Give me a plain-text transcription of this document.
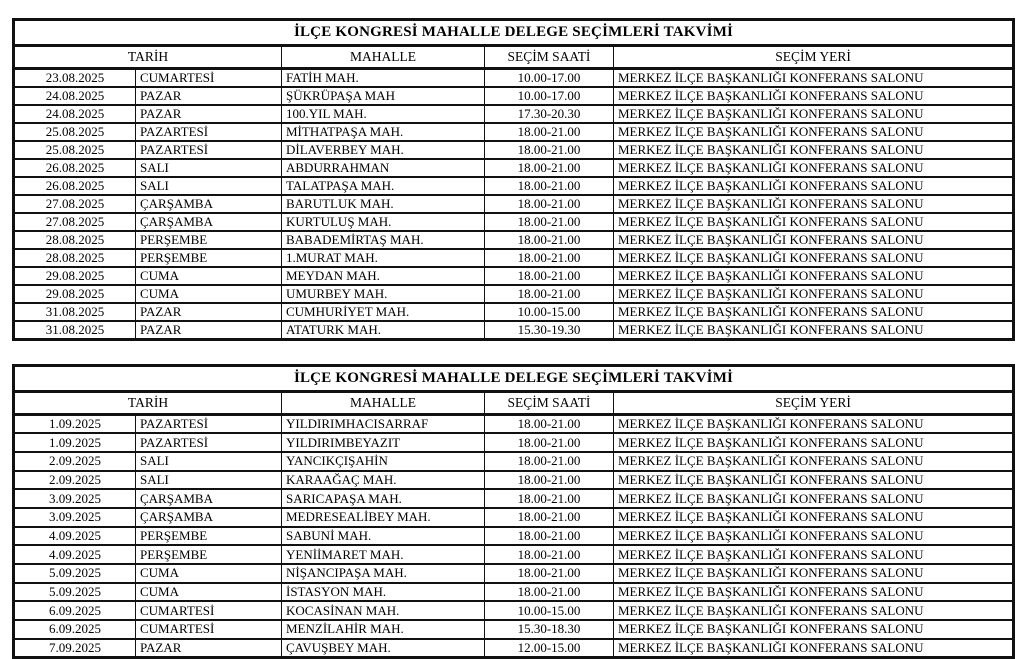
İLÇE KONGRESİ MAHALLE DELEGE SEÇİMLERİ TAKVİMİ				
TARİH		MAHALLE	SEÇİM SAATİ	SEÇİM YERİ
23.08.2025	CUMARTESİ	FATİH MAH.	10.00-17.00	MERKEZ İLÇE BAŞKANLIĞI KONFERANS SALONU
24.08.2025	PAZAR	ŞÜKRÜPAŞA MAH	10.00-17.00	MERKEZ İLÇE BAŞKANLIĞI KONFERANS SALONU
24.08.2025	PAZAR	100.YIL MAH.	17.30-20.30	MERKEZ İLÇE BAŞKANLIĞI KONFERANS SALONU
25.08.2025	PAZARTESİ	MİTHATPAŞA MAH.	18.00-21.00	MERKEZ İLÇE BAŞKANLIĞI KONFERANS SALONU
25.08.2025	PAZARTESİ	DİLAVERBEY MAH.	18.00-21.00	MERKEZ İLÇE BAŞKANLIĞI KONFERANS SALONU
26.08.2025	SALI	ABDURRAHMAN	18.00-21.00	MERKEZ İLÇE BAŞKANLIĞI KONFERANS SALONU
26.08.2025	SALI	TALATPAŞA MAH.	18.00-21.00	MERKEZ İLÇE BAŞKANLIĞI KONFERANS SALONU
27.08.2025	ÇARŞAMBA	BARUTLUK MAH.	18.00-21.00	MERKEZ İLÇE BAŞKANLIĞI KONFERANS SALONU
27.08.2025	ÇARŞAMBA	KURTULUŞ MAH.	18.00-21.00	MERKEZ İLÇE BAŞKANLIĞI KONFERANS SALONU
28.08.2025	PERŞEMBE	BABADEMİRTAŞ MAH.	18.00-21.00	MERKEZ İLÇE BAŞKANLIĞI KONFERANS SALONU
28.08.2025	PERŞEMBE	1.MURAT MAH.	18.00-21.00	MERKEZ İLÇE BAŞKANLIĞI KONFERANS SALONU
29.08.2025	CUMA	MEYDAN MAH.	18.00-21.00	MERKEZ İLÇE BAŞKANLIĞI KONFERANS SALONU
29.08.2025	CUMA	UMURBEY MAH.	18.00-21.00	MERKEZ İLÇE BAŞKANLIĞI KONFERANS SALONU
31.08.2025	PAZAR	CUMHURİYET MAH.	10.00-15.00	MERKEZ İLÇE BAŞKANLIĞI KONFERANS SALONU
31.08.2025	PAZAR	ATATURK MAH.	15.30-19.30	MERKEZ İLÇE BAŞKANLIĞI KONFERANS SALONU
İLÇE KONGRESİ MAHALLE DELEGE SEÇİMLERİ TAKVİMİ				
TARİH		MAHALLE	SEÇİM SAATİ	SEÇİM YERİ
1.09.2025	PAZARTESİ	YILDIRIMHACISARRAF	18.00-21.00	MERKEZ İLÇE BAŞKANLIĞI KONFERANS SALONU
1.09.2025	PAZARTESİ	YILDIRIMBEYAZIT	18.00-21.00	MERKEZ İLÇE BAŞKANLIĞI KONFERANS SALONU
2.09.2025	SALI	YANCIKÇIŞAHİN	18.00-21.00	MERKEZ İLÇE BAŞKANLIĞI KONFERANS SALONU
2.09.2025	SALI	KARAAĞAÇ MAH.	18.00-21.00	MERKEZ İLÇE BAŞKANLIĞI KONFERANS SALONU
3.09.2025	ÇARŞAMBA	SARICAPAŞA MAH.	18.00-21.00	MERKEZ İLÇE BAŞKANLIĞI KONFERANS SALONU
3.09.2025	ÇARŞAMBA	MEDRESEALİBEY MAH.	18.00-21.00	MERKEZ İLÇE BAŞKANLIĞI KONFERANS SALONU
4.09.2025	PERŞEMBE	SABUNİ MAH.	18.00-21.00	MERKEZ İLÇE BAŞKANLIĞI KONFERANS SALONU
4.09.2025	PERŞEMBE	YENİİMARET MAH.	18.00-21.00	MERKEZ İLÇE BAŞKANLIĞI KONFERANS SALONU
5.09.2025	CUMA	NİŞANCIPAŞA MAH.	18.00-21.00	MERKEZ İLÇE BAŞKANLIĞI KONFERANS SALONU
5.09.2025	CUMA	İSTASYON MAH.	18.00-21.00	MERKEZ İLÇE BAŞKANLIĞI KONFERANS SALONU
6.09.2025	CUMARTESİ	KOCASİNAN MAH.	10.00-15.00	MERKEZ İLÇE BAŞKANLIĞI KONFERANS SALONU
6.09.2025	CUMARTESİ	MENZİLAHİR MAH.	15.30-18.30	MERKEZ İLÇE BAŞKANLIĞI KONFERANS SALONU
7.09.2025	PAZAR	ÇAVUŞBEY MAH.	12.00-15.00	MERKEZ İLÇE BAŞKANLIĞI KONFERANS SALONU
